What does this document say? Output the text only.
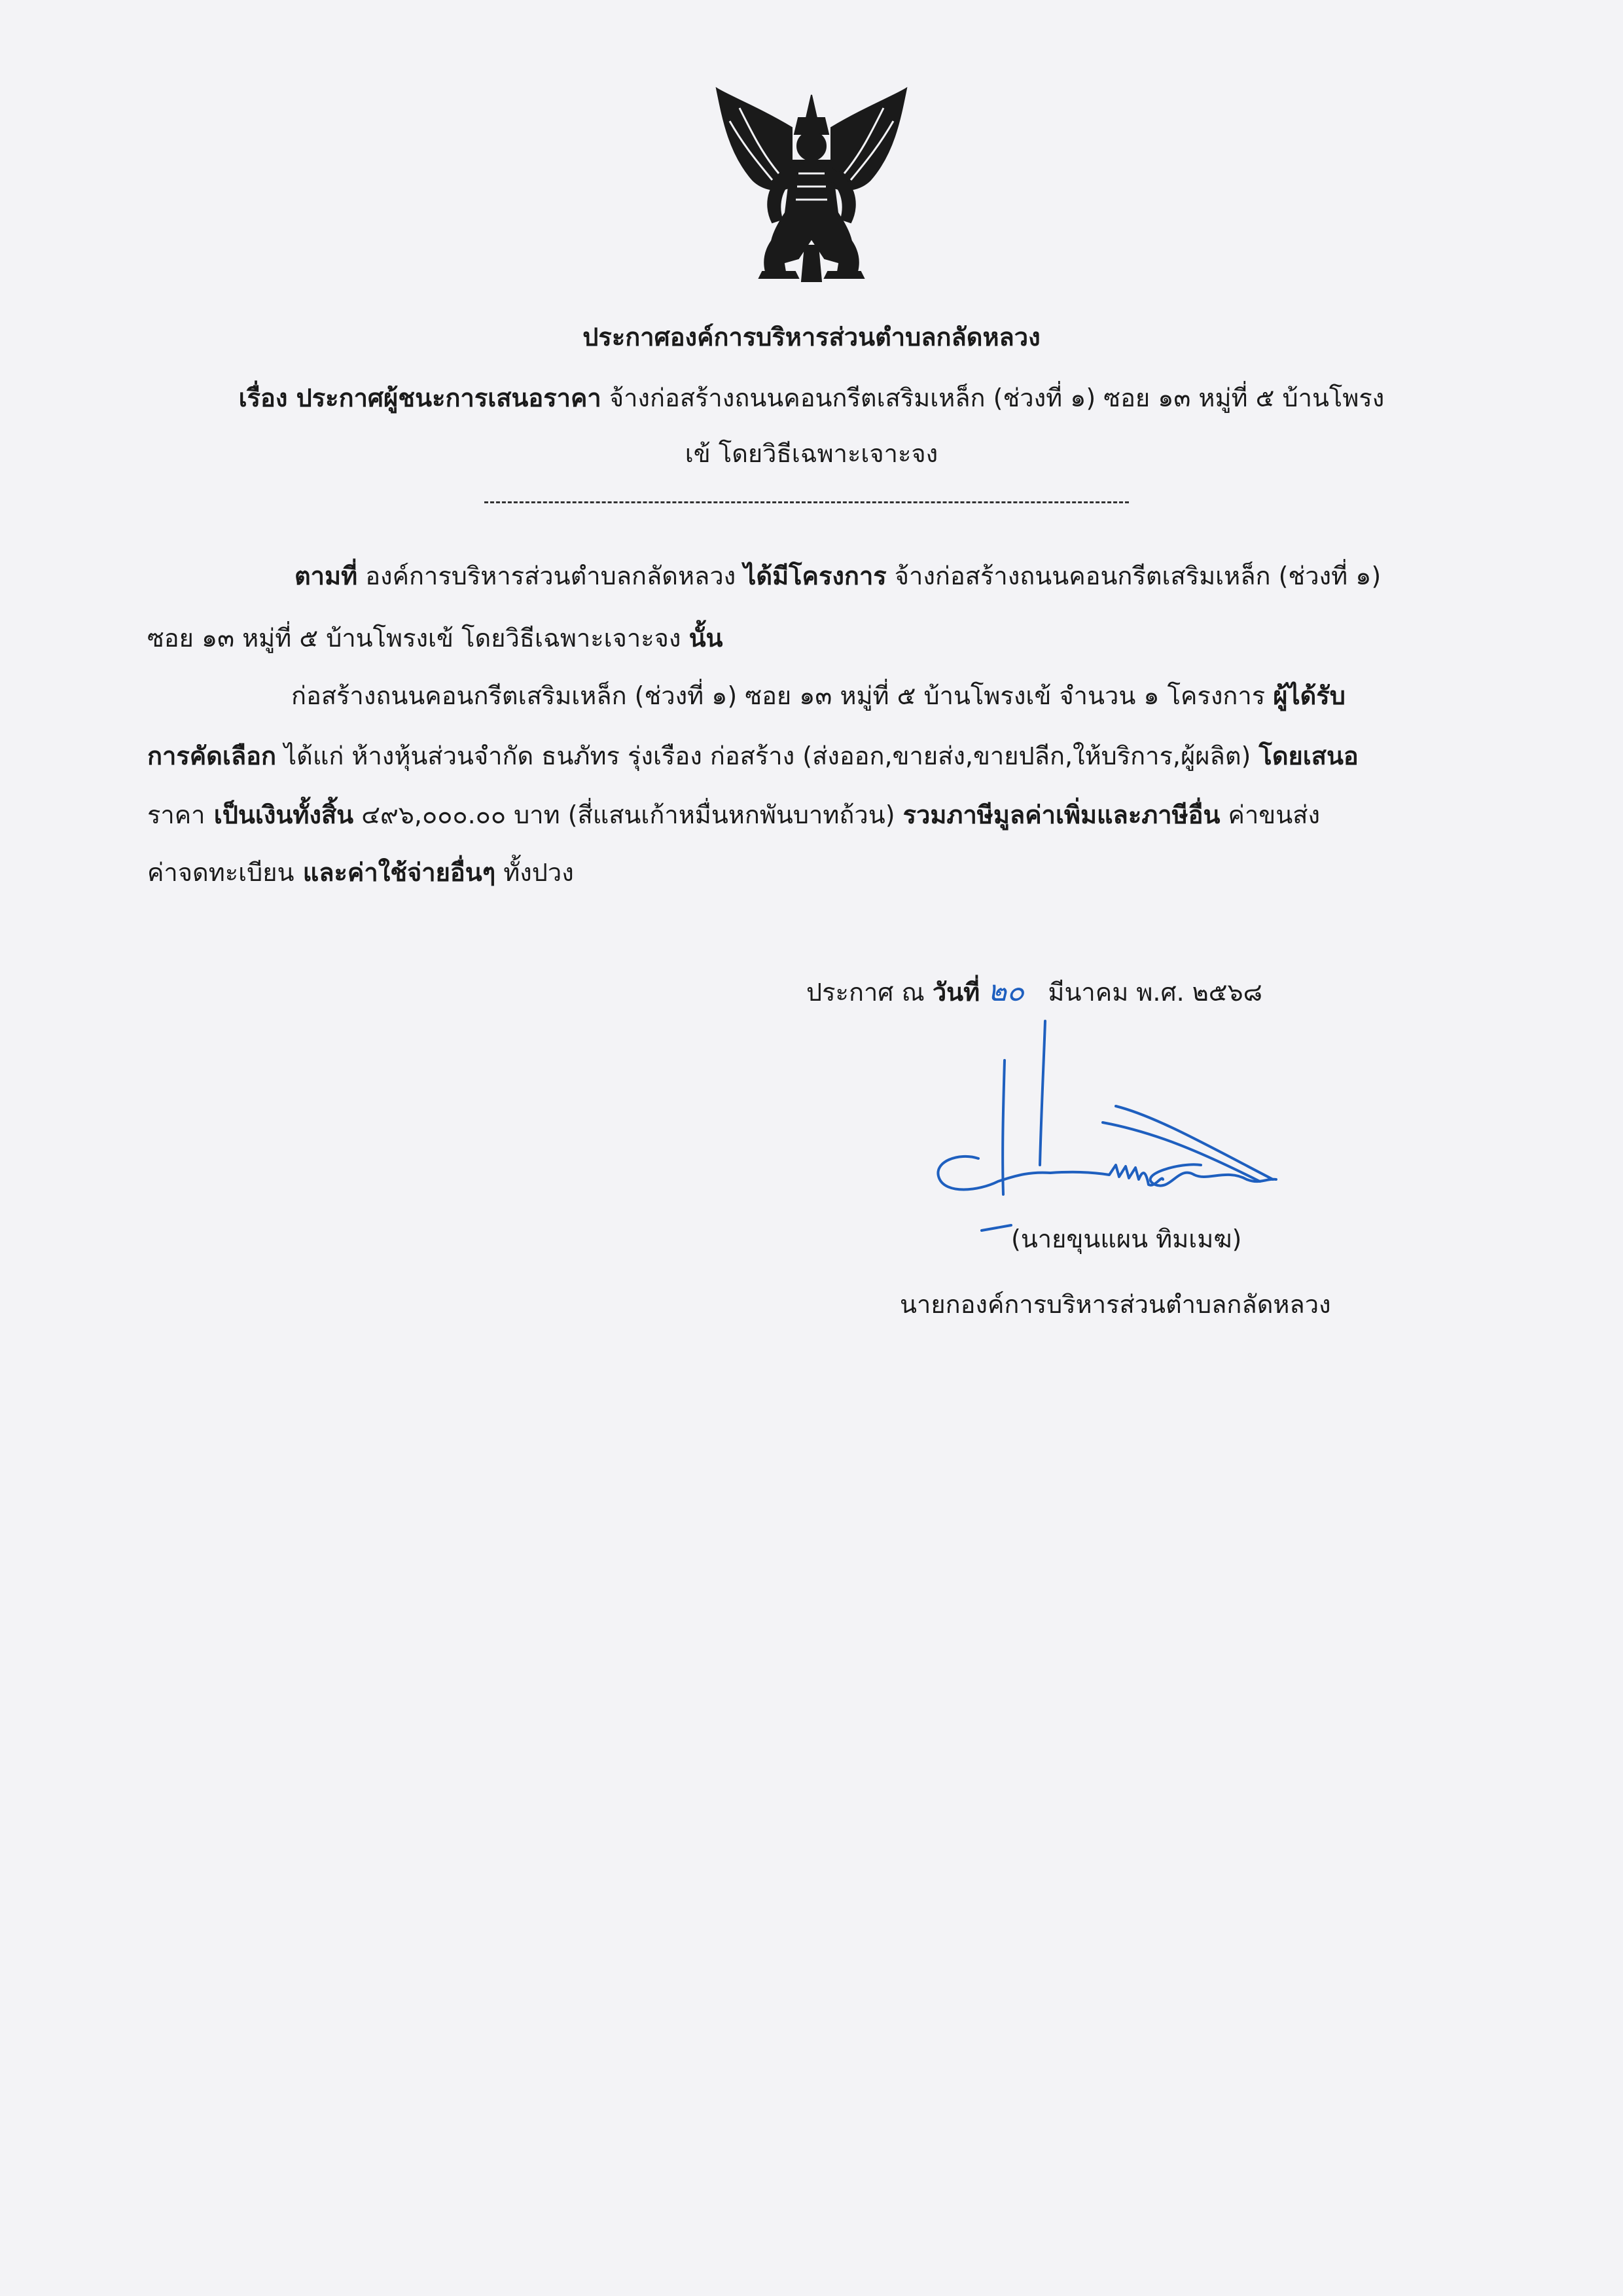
ประกาศองค์การบริหารส่วนตำบลกลัดหลวง
เรื่อง ประกาศผู้ชนะการเสนอราคา จ้างก่อสร้างถนนคอนกรีตเสริมเหล็ก (ช่วงที่ ๑) ซอย ๑๓ หมู่ที่ ๕ บ้านโพรง
เข้ โดยวิธีเฉพาะเจาะจง
ตามที่ องค์การบริหารส่วนตำบลกลัดหลวง ได้มีโครงการ จ้างก่อสร้างถนนคอนกรีตเสริมเหล็ก (ช่วงที่ ๑)
ซอย ๑๓ หมู่ที่ ๕ บ้านโพรงเข้ โดยวิธีเฉพาะเจาะจง นั้น
ก่อสร้างถนนคอนกรีตเสริมเหล็ก (ช่วงที่ ๑) ซอย ๑๓ หมู่ที่ ๕ บ้านโพรงเข้ จำนวน ๑ โครงการ ผู้ได้รับ
การคัดเลือก ได้แก่ ห้างหุ้นส่วนจำกัด ธนภัทร รุ่งเรือง ก่อสร้าง (ส่งออก,ขายส่ง,ขายปลีก,ให้บริการ,ผู้ผลิต) โดยเสนอ
ราคา เป็นเงินทั้งสิ้น ๔๙๖,๐๐๐.๐๐ บาท (สี่แสนเก้าหมื่นหกพันบาทถ้วน) รวมภาษีมูลค่าเพิ่มและภาษีอื่น ค่าขนส่ง
ค่าจดทะเบียน และค่าใช้จ่ายอื่นๆ ทั้งปวง
ประกาศ ณ วันที่ ๒๐ มีนาคม พ.ศ. ๒๕๖๘
(นายขุนแผน ทิมเมฆ)
นายกองค์การบริหารส่วนตำบลกลัดหลวง
